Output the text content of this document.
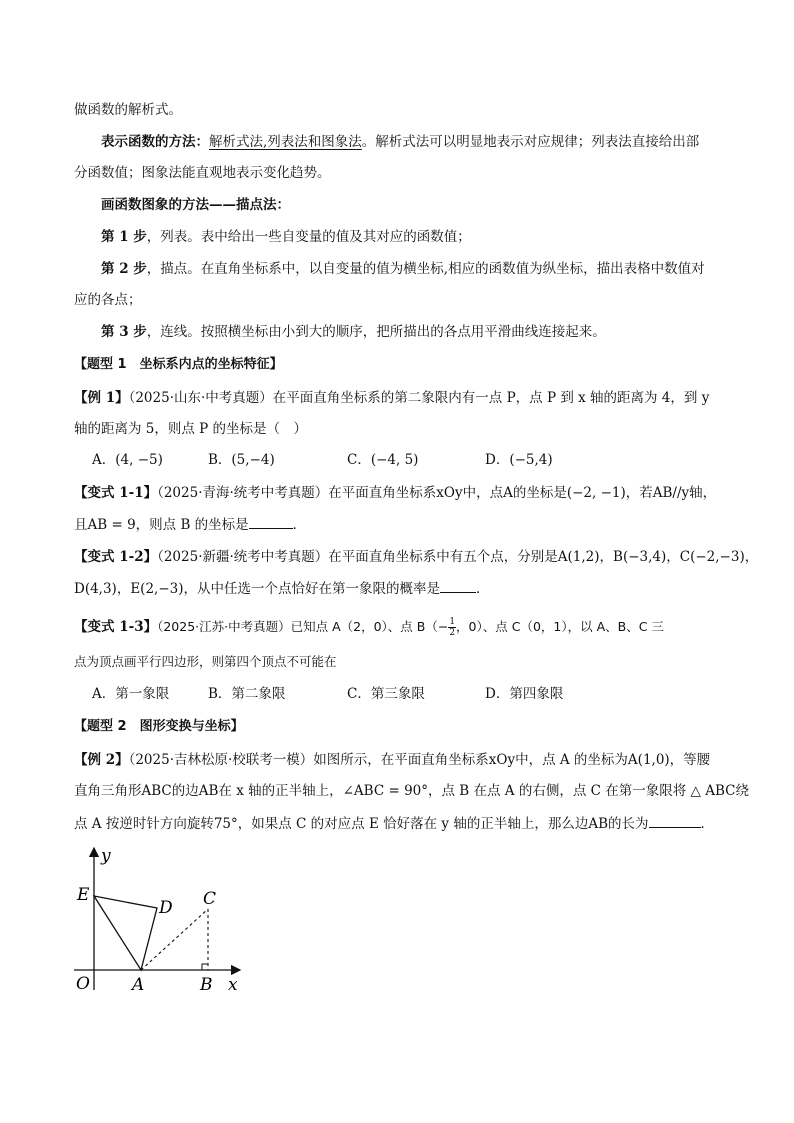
做函数的解析式。
表示函数的方法：解析式法,列表法和图象法。解析式法可以明显地表示对应规律；列表法直接给出部
分函数值；图象法能直观地表示变化趋势。
画函数图象的方法——描点法：
第 1 步，列表。表中给出一些自变量的值及其对应的函数值；
第 2 步，描点。在直角坐标系中，以自变量的值为横坐标,相应的函数值为纵坐标，描出表格中数值对
应的各点；
第 3 步，连线。按照横坐标由小到大的顺序，把所描出的各点用平滑曲线连接起来。
【题型 1　坐标系内点的坐标特征】
【例 1】（2025·山东·中考真题）在平面直角坐标系的第二象限内有一点 P，点 P 到 x 轴的距离为 4，到 y
轴的距离为 5，则点 P 的坐标是（　）
A．(4, −5)	B．(5,−4)	C．(−4, 5)	D．(−5,4)
【变式 1-1】（2025·青海·统考中考真题）在平面直角坐标系xOy中，点A的坐标是(−2, −1)，若AB//y轴，
且AB = 9，则点 B 的坐标是	．
【变式 1-2】（2025·新疆·统考中考真题）在平面直角坐标系中有五个点，分别是A(1,2)，B(−3,4)，C(−2,−3)，
D(4,3)，E(2,−3)，从中任选一个点恰好在第一象限的概率是	．
【变式 1-3】（2025·江苏·中考真题）已知点 A（2，0）、点 $B(- \frac{1}{2}$ ，0）、点 C（0，1），以 A、B、C 三
点为顶点画平行四边形，则第四个顶点不可能在
A．第一象限	B．第二象限	C．第三象限	D．第四象限
【题型 2　图形变换与坐标】
【例 2】（2025·吉林松原·校联考一模）如图所示，在平面直角坐标系xOy中，点 A 的坐标为A(1,0)，等腰
直角三角形ABC的边AB在 x 轴的正半轴上，∠ABC = 90°，点 B 在点 A 的右侧，点 C 在第一象限将 △ ABC绕
点 A 按逆时针方向旋转75°，如果点 C 的对应点 E 恰好落在 y 轴的正半轴上，那么边AB的长为	．
y
E
D C
O A	B x
